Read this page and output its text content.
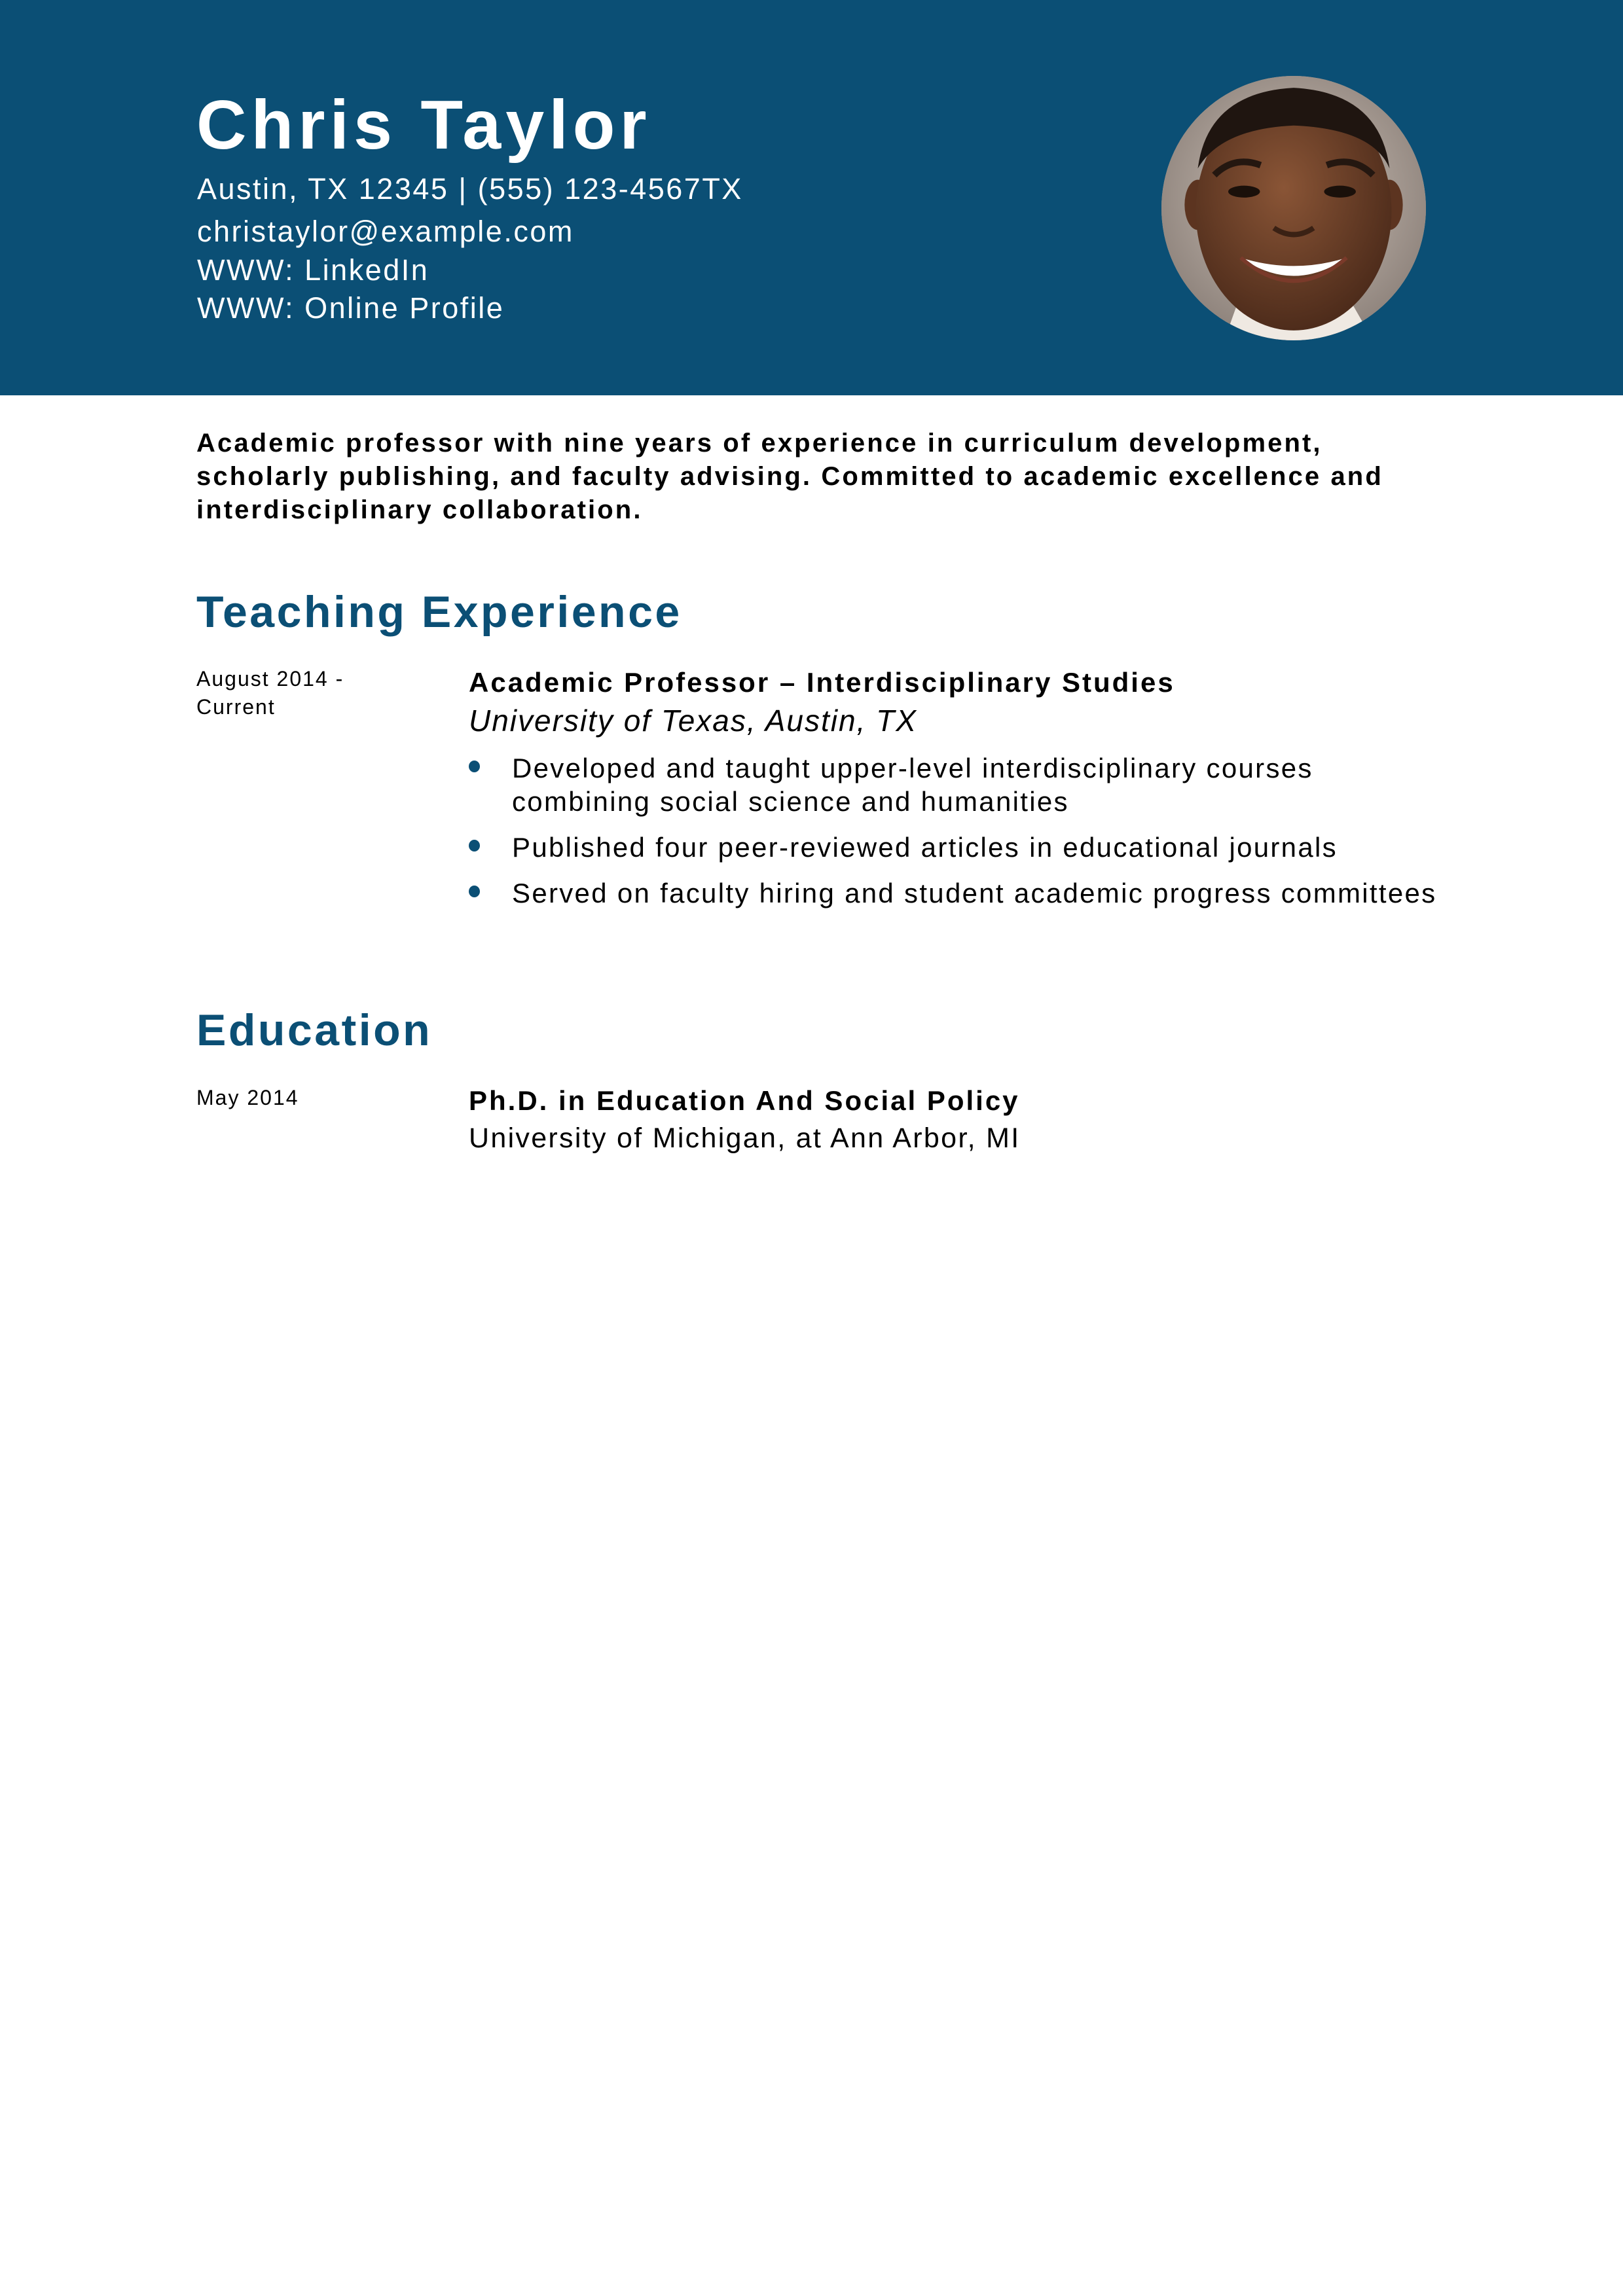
Chris Taylor
Austin, TX 12345 | (555) 123-4567TX
christaylor@example.com
WWW: LinkedIn
WWW: Online Profile
Academic professor with nine years of experience in curriculum development, scholarly publishing, and faculty advising. Committed to academic excellence and interdisciplinary collaboration.
Teaching Experience
August 2014 -
Current
Academic Professor – Interdisciplinary Studies
University of Texas, Austin, TX
Developed and taught upper-level interdisciplinary courses combining social science and humanities
Published four peer-reviewed articles in educational journals
Served on faculty hiring and student academic progress committees
Education
May 2014	Ph.D. in Education And Social Policy
University of Michigan, at Ann Arbor, MI
